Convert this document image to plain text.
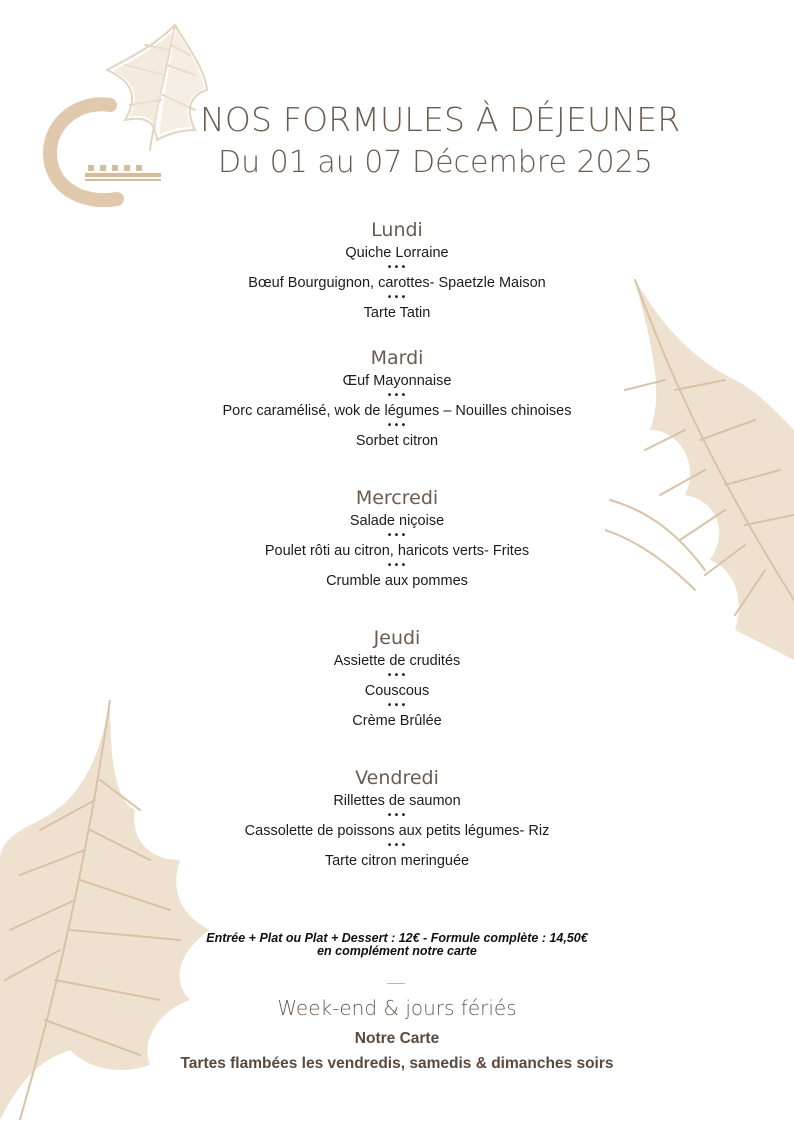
NOS FORMULES À DÉJEUNER
Du 01 au 07 Décembre 2025
Lundi
Quiche Lorraine
•••
Bœuf Bourguignon, carottes- Spaetzle Maison
•••
Tarte Tatin
Mardi
Œuf Mayonnaise
•••
Porc caramélisé, wok de légumes – Nouilles chinoises
•••
Sorbet citron
Mercredi
Salade niçoise
•••
Poulet rôti au citron, haricots verts- Frites
•••
Crumble aux pommes
Jeudi
Assiette de crudités
•••
Couscous
•••
Crème Brûlée
Vendredi
Rillettes de saumon
•••
Cassolette de poissons aux petits légumes- Riz
•••
Tarte citron meringuée
Entrée + Plat ou Plat + Dessert : 12€ - Formule complète : 14,50€
en complément notre carte
Week-end & jours fériés
Notre Carte
Tartes flambées les vendredis, samedis & dimanches soirs
